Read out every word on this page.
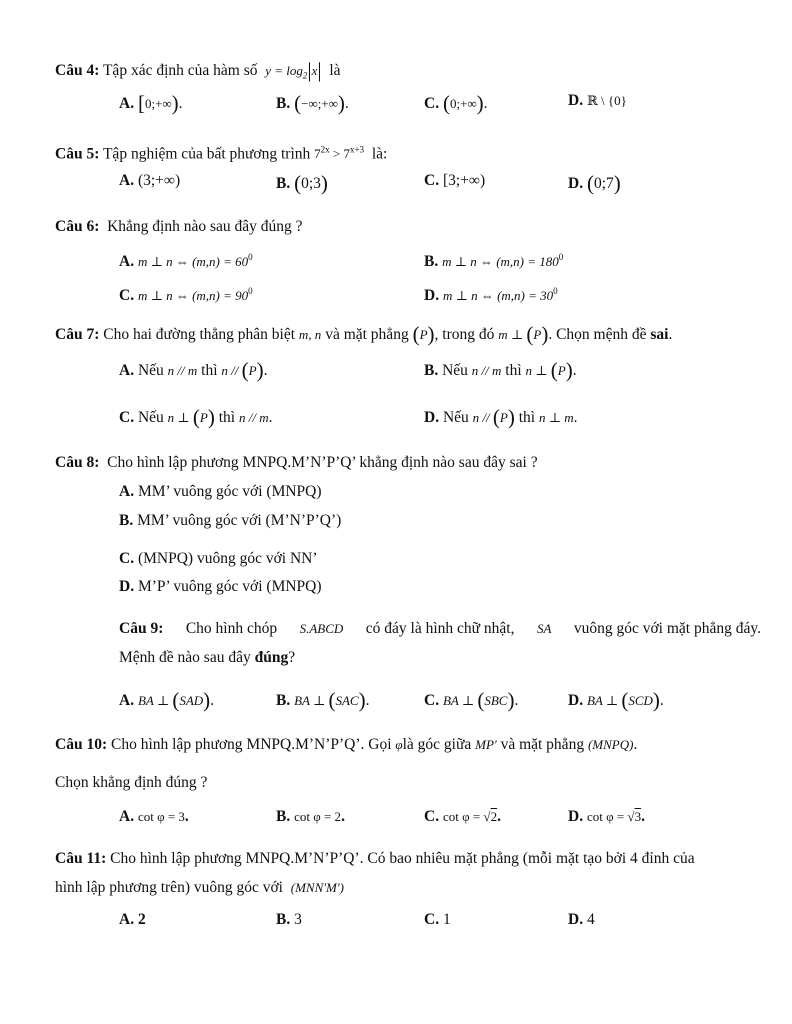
Câu 4: Tập xác định của hàm số $y = \log_2|x|$ là
A. [0;+∞).	B. (−∞;+∞).	C. (0;+∞).	D. ℝ \ {0}
Câu 5: Tập nghiệm của bất phương trình $7^{2x} > 7^{x+3}$ là:
A. (3;+∞)	B. (0;3)	C. [3;+∞)	D. (0;7)
Câu 6: Khẳng định nào sau đây đúng ?
A. m ⊥ n ⇔ $(m,n) = 60^0$	B. m ⊥ n ⇔ $(m,n) = 180^0$
C. m ⊥ n ⇔ $(m,n) = 90^0$	D. m ⊥ n ⇔ $(m,n) = 30^0$
Câu 7: Cho hai đường thẳng phân biệt m, n và mặt phẳng (P), trong đó m ⊥ (P). Chọn mệnh đề sai.
A. Nếu n // m thì n // (P).	B. Nếu n // m thì n ⊥ (P).
C. Nếu n ⊥ (P) thì n // m.	D. Nếu n // (P) thì n ⊥ m.
Câu 8: Cho hình lập phương MNPQ.M’N’P’Q’ khẳng định nào sau đây sai ?
A. MM’ vuông góc với (MNPQ)
B. MM’ vuông góc với (M’N’P’Q’)
C. (MNPQ) vuông góc với NN’
D. M’P’ vuông góc với (MNPQ)
Câu 9: Cho hình chóp S.ABCD có đáy là hình chữ nhật, SA vuông góc với mặt phẳng đáy.
Mệnh đề nào sau đây đúng?
A. BA ⊥ (SAD).	B. BA ⊥ (SAC).	C. BA ⊥ (SBC).	D. BA ⊥ (SCD).
Câu 10: Cho hình lập phương MNPQ.M’N’P’Q’. Gọi φlà góc giữa MP' và mặt phẳng (MNPQ).
Chọn khẳng định đúng ?
A. cot φ = 3.	B. cot φ = 2.	C. cot φ = √2.	D. cot φ = √3.
Câu 11: Cho hình lập phương MNPQ.M’N’P’Q’. Có bao nhiêu mặt phẳng (mỗi mặt tạo bởi 4 đỉnh của
hình lập phương trên) vuông góc với (MNN'M')
A. 2	B. 3	C. 1	D. 4
